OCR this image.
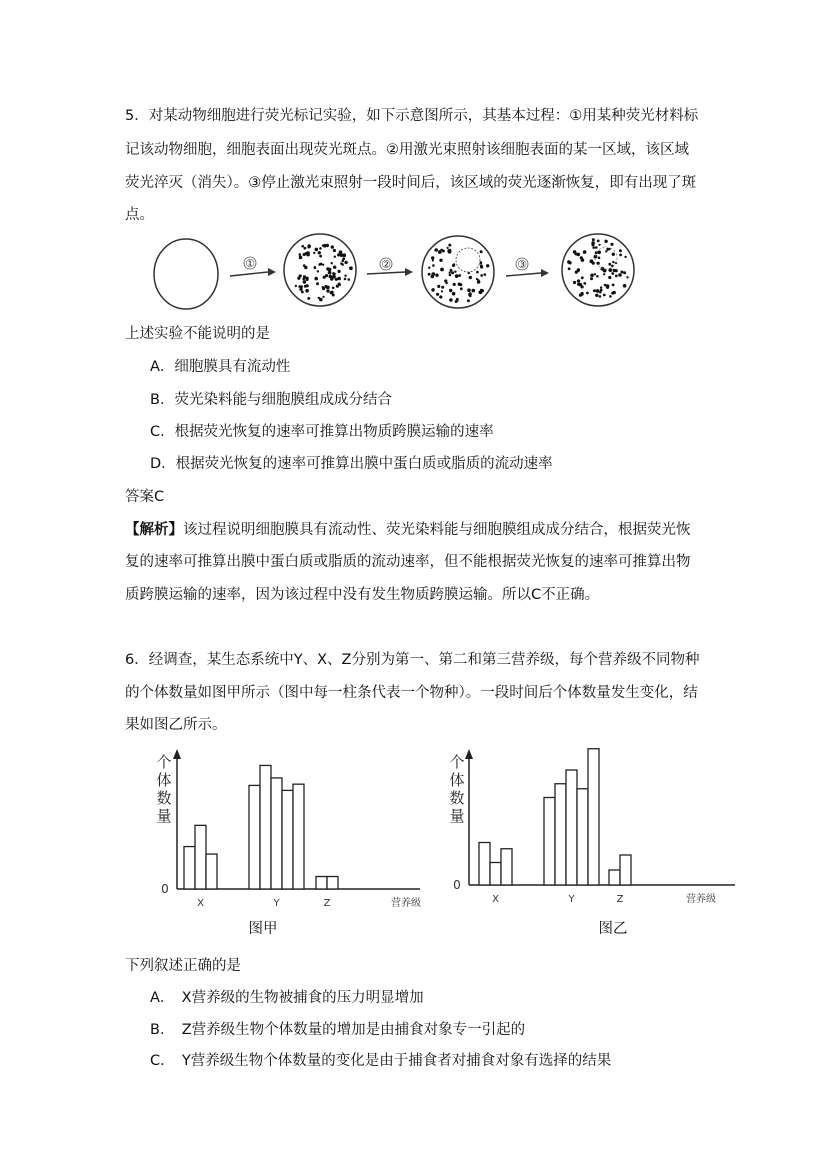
5．对某动物细胞进行荧光标记实验，如下示意图所示，其基本过程：①用某种荧光材料标
记该动物细胞，细胞表面出现荧光斑点。②用激光束照射该细胞表面的某一区域，该区域
荧光淬灭（消失）。③停止激光束照射一段时间后，该区域的荧光逐渐恢复，即有出现了斑
点。
①	②	③
上述实验不能说明的是
A．细胞膜具有流动性
B．荧光染料能与细胞膜组成成分结合
C．根据荧光恢复的速率可推算出物质跨膜运输的速率
D．根据荧光恢复的速率可推算出膜中蛋白质或脂质的流动速率
答案C
【解析】该过程说明细胞膜具有流动性、荧光染料能与细胞膜组成成分结合，根据荧光恢
复的速率可推算出膜中蛋白质或脂质的流动速率，但不能根据荧光恢复的速率可推算出物
质跨膜运输的速率，因为该过程中没有发生物质跨膜运输。所以C不正确。
6．经调查，某生态系统中Y、X、Z分别为第一、第二和第三营养级，每个营养级不同物种
的个体数量如图甲所示（图中每一柱条代表一个物种）。一段时间后个体数量发生变化，结
果如图乙所示。
个体数量
0
X	Y	Z	营养级
图甲
个体数量
0
X	Y	Z	营养级
图乙
下列叙述正确的是
A．　X营养级的生物被捕食的压力明显增加
B．　Z营养级生物个体数量的增加是由捕食对象专一引起的
C．　Y营养级生物个体数量的变化是由于捕食者对捕食对象有选择的结果
